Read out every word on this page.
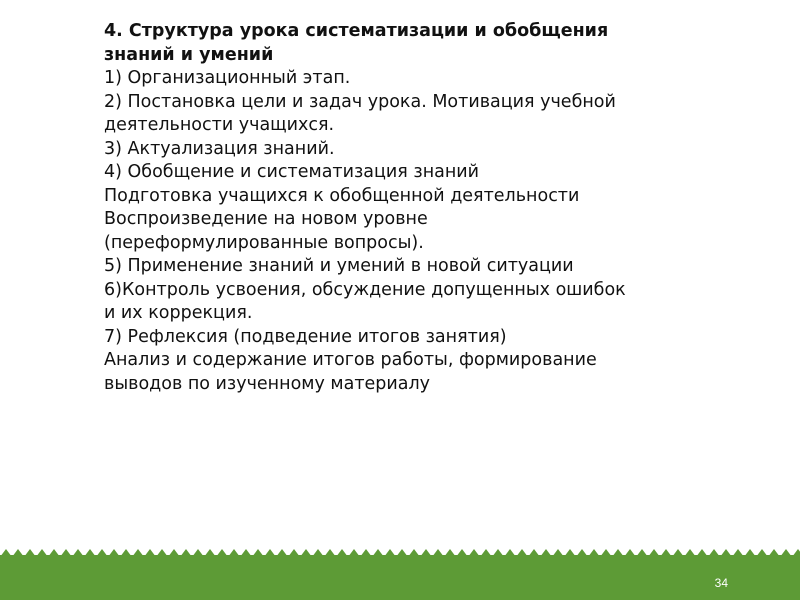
4. Структура урока систематизации и обобщения

знаний и умений

1) Организационный этап.

2) Постановка цели и задач урока. Мотивация учебной

деятельности учащихся.

3) Актуализация знаний.

4) Обобщение и систематизация знаний

Подготовка учащихся к обобщенной деятельности

Воспроизведение на новом уровне

(переформулированные вопросы).

5) Применение знаний и умений в новой ситуации

6)Контроль усвоения, обсуждение допущенных ошибок

и их коррекция.

7) Рефлексия (подведение итогов занятия)

Анализ и содержание итогов работы, формирование

выводов по изученному материалу

34
